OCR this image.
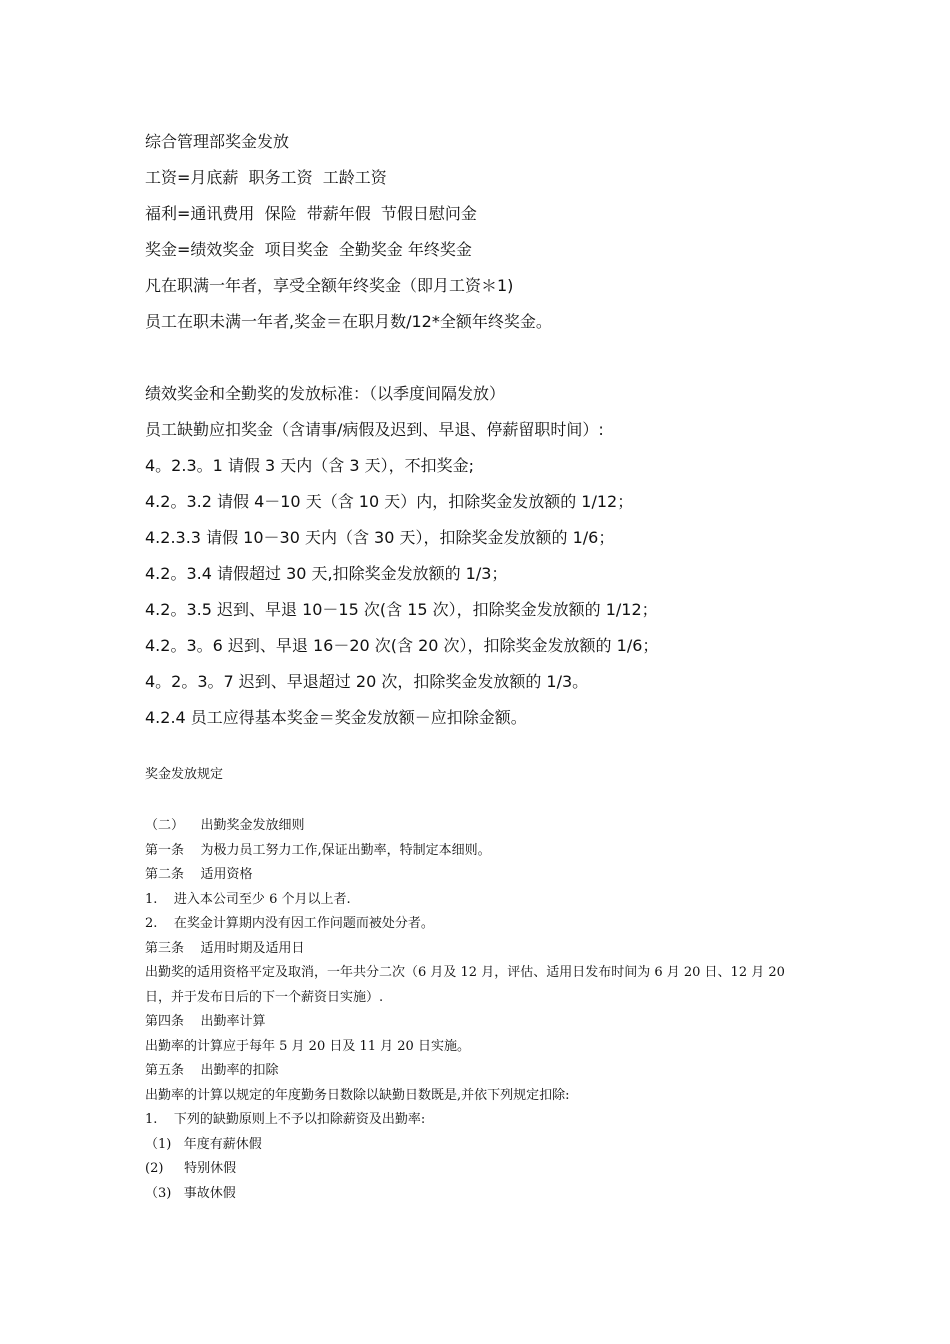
综合管理部奖金发放
工资=月底薪  职务工资  工龄工资
福利=通讯费用  保险  带薪年假  节假日慰问金
奖金=绩效奖金  项目奖金  全勤奖金 年终奖金
凡在职满一年者，享受全额年终奖金（即月工资＊1)
员工在职未满一年者,奖金＝在职月数/12*全额年终奖金。
绩效奖金和全勤奖的发放标准：（以季度间隔发放）
员工缺勤应扣奖金（含请事/病假及迟到、早退、停薪留职时间）:
4。2.3。1 请假 3 天内（含 3 天），不扣奖金;
4.2。3.2 请假 4－10 天（含 10 天）内，扣除奖金发放额的 1/12；
4.2.3.3 请假 10－30 天内（含 30 天），扣除奖金发放额的 1/6；
4.2。3.4 请假超过 30 天,扣除奖金发放额的 1/3；
4.2。3.5 迟到、早退 10－15 次(含 15 次），扣除奖金发放额的 1/12；
4.2。3。6 迟到、早退 16－20 次(含 20 次），扣除奖金发放额的 1/6；
4。2。3。7 迟到、早退超过 20 次，扣除奖金发放额的 1/3。
4.2.4 员工应得基本奖金＝奖金发放额－应扣除金额。
奖金发放规定
（二）    出勤奖金发放细则
第一条    为极力员工努力工作,保证出勤率，特制定本细则。
第二条    适用资格
1.    进入本公司至少 6 个月以上者.
2.    在奖金计算期内没有因工作问题而被处分者。
第三条    适用时期及适用日
出勤奖的适用资格平定及取消，一年共分二次（6 月及 12 月，评估、适用日发布时间为 6 月 20 日、12 月 20 日，并于发布日后的下一个薪资日实施）.
第四条    出勤率计算
出勤率的计算应于每年 5 月 20 日及 11 月 20 日实施。
第五条    出勤率的扣除
出勤率的计算以规定的年度勤务日数除以缺勤日数既是,并依下列规定扣除:
1.    下列的缺勤原则上不予以扣除薪资及出勤率:
（1)   年度有薪休假
(2)     特别休假
（3)   事故休假
